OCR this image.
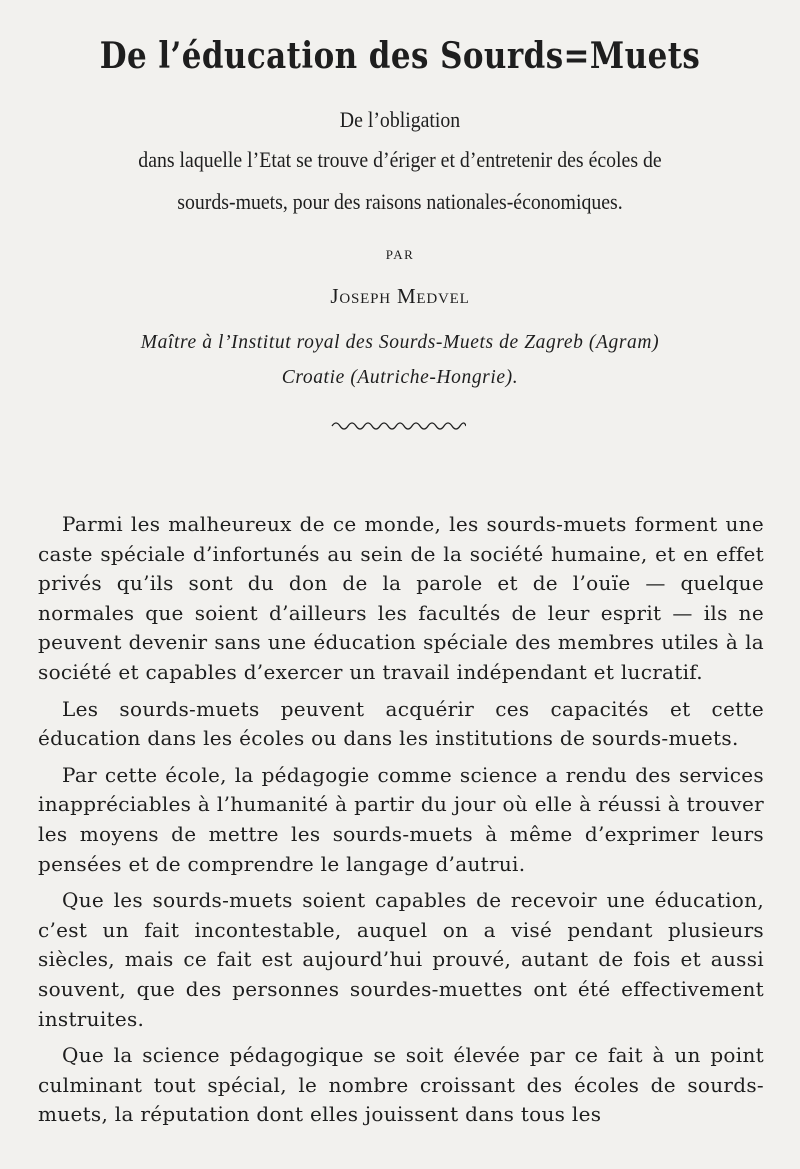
De l’éducation des Sourds=Muets

De l’obligation

dans laquelle l’Etat se trouve d’ériger et d’entretenir des écoles de

sourds-muets, pour des raisons nationales-économiques.

PAR

Joseph Medvel

Maître à l’Institut royal des Sourds-Muets de Zagreb (Agram)

Croatie (Autriche-Hongrie).

Parmi les malheureux de ce monde, les sourds-muets forment une caste spéciale d’infortunés au sein de la société humaine, et en effet privés qu’ils sont du don de la parole et de l’ouïe — quelque normales que soient d’ailleurs les facultés de leur esprit — ils ne peuvent devenir sans une éducation spéciale des membres utiles à la société et capables d’exercer un travail indépendant et lucratif.

Les sourds-muets peuvent acquérir ces capacités et cette éducation dans les écoles ou dans les institutions de sourds-muets.

Par cette école, la pédagogie comme science a rendu des services inappréciables à l’humanité à partir du jour où elle à réussi à trouver les moyens de mettre les sourds-muets à même d’exprimer leurs pensées et de comprendre le langage d’autrui.

Que les sourds-muets soient capables de recevoir une éducation, c’est un fait incontestable, auquel on a visé pendant plusieurs siècles, mais ce fait est aujourd’hui prouvé, autant de fois et aussi souvent, que des personnes sourdes-muettes ont été effectivement instruites.

Que la science pédagogique se soit élevée par ce fait à un point culminant tout spécial, le nombre croissant des écoles de sourds-muets, la réputation dont elles jouissent dans tous les
